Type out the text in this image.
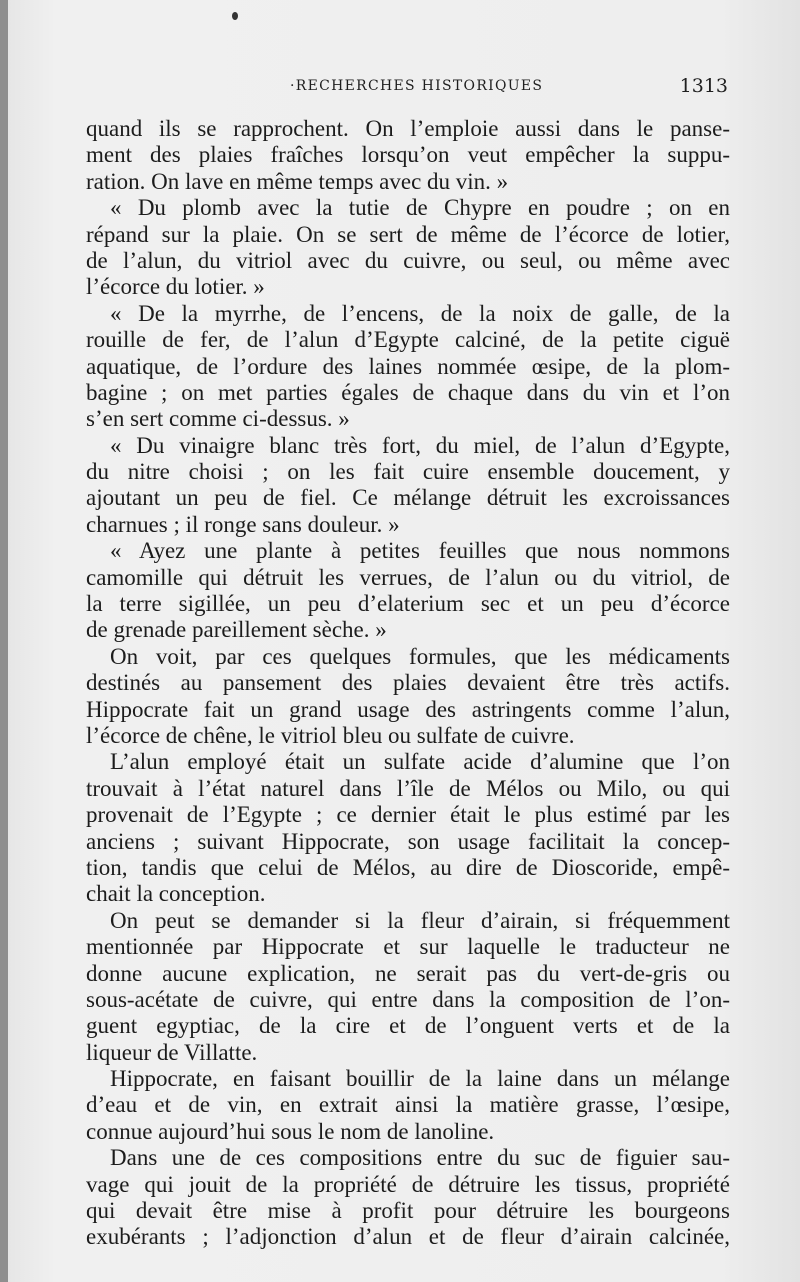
·RECHERCHES HISTORIQUES	1313
quand ils se rapprochent. On l’emploie aussi dans le panse-
ment des plaies fraîches lorsqu’on veut empêcher la suppu-
ration. On lave en même temps avec du vin. »
« Du plomb avec la tutie de Chypre en poudre ; on en
répand sur la plaie. On se sert de même de l’écorce de lotier,
de l’alun, du vitriol avec du cuivre, ou seul, ou même avec
l’écorce du lotier. »
« De la myrrhe, de l’encens, de la noix de galle, de la
rouille de fer, de l’alun d’Egypte calciné, de la petite ciguë
aquatique, de l’ordure des laines nommée œsipe, de la plom-
bagine ; on met parties égales de chaque dans du vin et l’on
s’en sert comme ci-dessus. »
« Du vinaigre blanc très fort, du miel, de l’alun d’Egypte,
du nitre choisi ; on les fait cuire ensemble doucement, y
ajoutant un peu de fiel. Ce mélange détruit les excroissances
charnues ; il ronge sans douleur. »
« Ayez une plante à petites feuilles que nous nommons
camomille qui détruit les verrues, de l’alun ou du vitriol, de
la terre sigillée, un peu d’elaterium sec et un peu d’écorce
de grenade pareillement sèche. »
On voit, par ces quelques formules, que les médicaments
destinés au pansement des plaies devaient être très actifs.
Hippocrate fait un grand usage des astringents comme l’alun,
l’écorce de chêne, le vitriol bleu ou sulfate de cuivre.
L’alun employé était un sulfate acide d’alumine que l’on
trouvait à l’état naturel dans l’île de Mélos ou Milo, ou qui
provenait de l’Egypte ; ce dernier était le plus estimé par les
anciens ; suivant Hippocrate, son usage facilitait la concep-
tion, tandis que celui de Mélos, au dire de Dioscoride, empê-
chait la conception.
On peut se demander si la fleur d’airain, si fréquemment
mentionnée par Hippocrate et sur laquelle le traducteur ne
donne aucune explication, ne serait pas du vert-de-gris ou
sous-acétate de cuivre, qui entre dans la composition de l’on-
guent egyptiac, de la cire et de l’onguent verts et de la
liqueur de Villatte.
Hippocrate, en faisant bouillir de la laine dans un mélange
d’eau et de vin, en extrait ainsi la matière grasse, l’œsipe,
connue aujourd’hui sous le nom de lanoline.
Dans une de ces compositions entre du suc de figuier sau-
vage qui jouit de la propriété de détruire les tissus, propriété
qui devait être mise à profit pour détruire les bourgeons
exubérants ; l’adjonction d’alun et de fleur d’airain calcinée,
